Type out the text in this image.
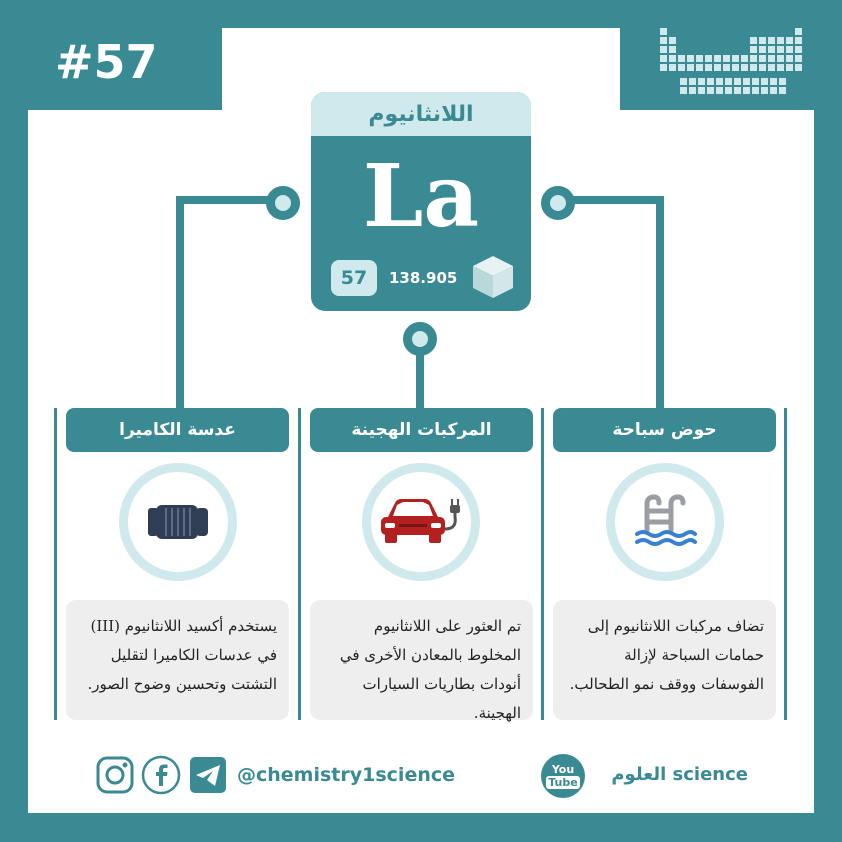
#57
اللانثانيوم
La
57	138.905
عدسة الكاميرا
يستخدم أكسيد اللانثانيوم (III) في عدسات الكاميرا لتقليل التشتت وتحسين وضوح الصور.
المركبات الهجينة
تم العثور على اللانثانيوم المخلوط بالمعادن الأخرى في أنودات بطاريات السيارات الهجينة.
حوض سباحة
تضاف مركبات اللانثانيوم إلى حمامات السباحة لإزالة الفوسفات ووقف نمو الطحالب.
@chemistry1science	You
Tube	science العلوم
